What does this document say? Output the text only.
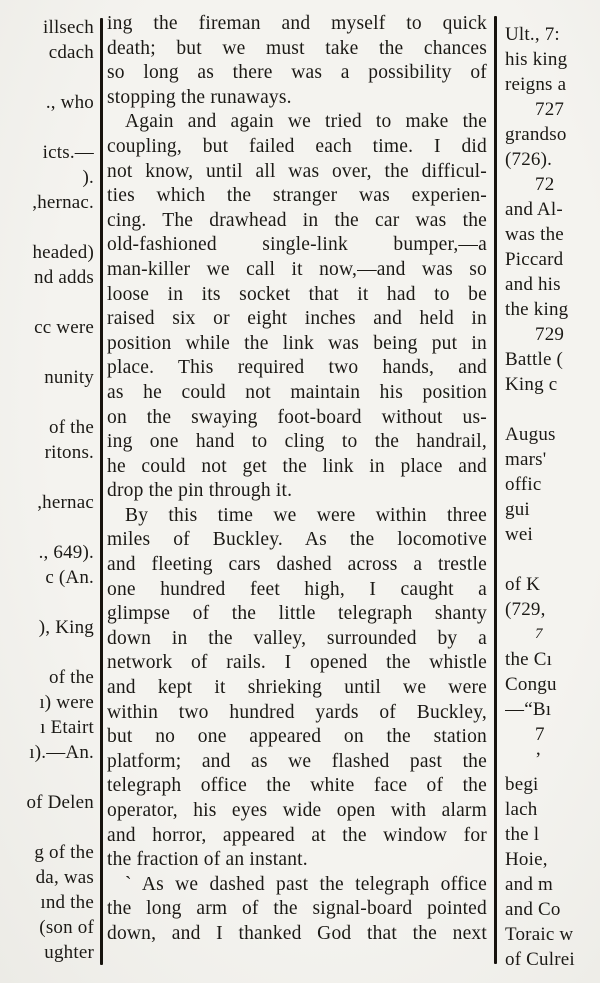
illsech
cdach

., who

icts.—
).
,hernac.

headed)
nd adds

cc were

nunity

of the
ritons.

,hernac

., 649).
c (An.

), King

of the
ı) were
ı Etairt
ı).—An.

of Delen

g of the
da, was
ınd the
(son of
ughter
ing the fireman and myself to quick
death; but we must take the chances
so long as there was a possibility of
stopping the runaways.
Again and again we tried to make the
coupling, but failed each time. I did
not know, until all was over, the difficul-
ties which the stranger was experien-
cing. The drawhead in the car was the
old-fashioned single-link bumper,—a
man-killer we call it now,—and was so
loose in its socket that it had to be
raised six or eight inches and held in
position while the link was being put in
place. This required two hands, and
as he could not maintain his position
on the swaying foot-board without us-
ing one hand to cling to the handrail,
he could not get the link in place and
drop the pin through it.
By this time we were within three
miles of Buckley. As the locomotive
and fleeting cars dashed across a trestle
one hundred feet high, I caught a
glimpse of the little telegraph shanty
down in the valley, surrounded by a
network of rails. I opened the whistle
and kept it shrieking until we were
within two hundred yards of Buckley,
but no one appeared on the station
platform; and as we flashed past the
telegraph office the white face of the
operator, his eyes wide open with alarm
and horror, appeared at the window for
the fraction of an instant.
` As we dashed past the telegraph office
the long arm of the signal-board pointed
down, and I thanked God that the next
Ult., 7:
his king
reigns a
727
grandso
(726).
72
and Al-
was the
Piccard
and his
the king
729
Battle (
King c

Augus
mars'
offic
gui
wei

of K
(729,
7
the Cı
Congu
—“Bı
7
’
begi
lach
the l
Hoie,
and m
and Co
Toraic w
of Culrei
